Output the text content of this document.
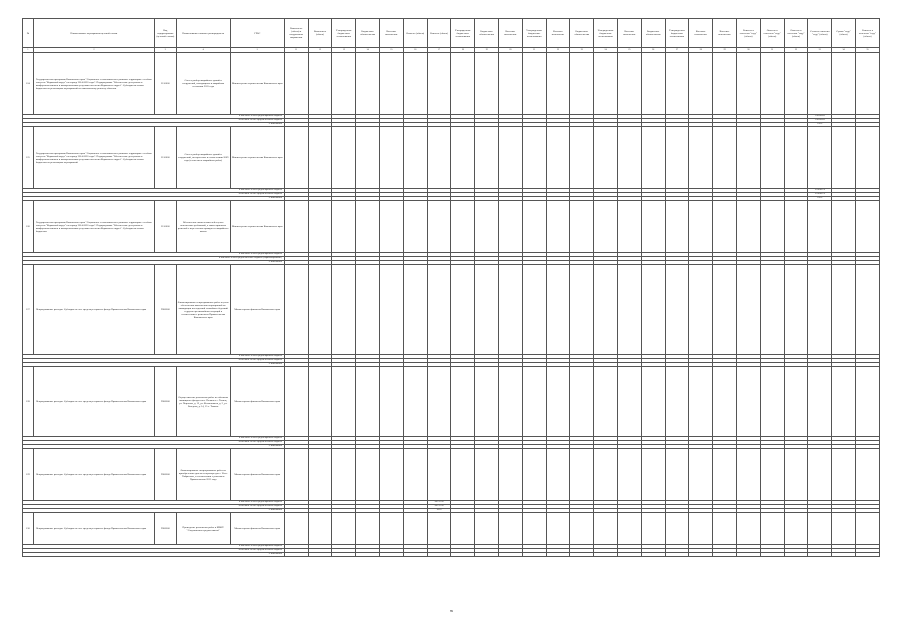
№	Наименование мероприятия целевой статьи	Код подпрограммы (целевой статьи)	Наименование главного распорядителя	ГРБС	Выполнено (объем) в натуральном выражении	Выполнено (объем)	Утвержденные бюджетные ассигнования	Бюджетные обязательства	Кассовое исполнение	Освоено (объем)	Освоено (объем)	Утвержденные бюджетные ассигнования	Бюджетные обязательства	Кассовое исполнение	Утвержденные бюджетные ассигнования	Кассовое исполнение	Бюджетные обязательства	Утвержденные бюджетные ассигнования	Кассовое исполнение	Бюджетные обязательства	Утвержденные бюджетные ассигнования	Кассовое исполнение	Кассовое исполнение	Освоено в отчетном "году" (объем)	Освоено в отчетном "году" (объем)	Освоено в отчетном "году" (объем)	Степень освоения "году" (объем)	Сумма "году" (объем)	Освоено в отчетном "году" (объем)
1	2	3	4	5	11	12	13	14	15	16	17	18	19	20	21	22	23	24	25	26	27	28	29	30	31	32	33	34	35
124	Государственная программа Камчатского края "Социальное и экономическое развитие территории с особым статусом "Корякский округ" на период 2014-2020 годы". Подпрограмма "Обеспечение доступным и комфортным жильем и коммунальными услугами населения Корякского округа". Субсидии местным бюджетам на реализацию мероприятий по капитальному ремонту объектов	2110000	Снос и разбор аварийных зданий и сооружений, находящихся в аварийном состоянии 2015 года	Министерство строительства Камчатского края																									
в том числе за счет средств краевого бюджета																											1742.66963		
в том числе за счет средств местного бюджета																											1742.66963		
% исполнения																											100.0		
125	Государственная программа Камчатского края "Социальное и экономическое развитие территории с особым статусом "Корякский округ" на период 2014-2020 годы". Подпрограмма "Обеспечение доступным и комфортным жильем и коммунальными услугами населения Корякского округа". Субсидии местным бюджетам на реализацию мероприятий	2110000	Снос и разбор аварийных зданий и сооружений, построенных в соответствии 2009 года (в том числе аварийных работ)	Министерство строительства Камчатского края																									
в том числе за счет средств краевого бюджета																											1516.86970		
в том числе за счет средств местного бюджета																											1516.86970		
% исполнения																											100.0		
126	Государственная программа Камчатского края "Социальное и экономическое развитие территории с особым статусом "Корякский округ" на период 2014-2020 годы". Подпрограмма "Обеспечение доступным и комфортным жильем и коммунальными услугами населения Корякского округа". Субсидии местным бюджетам	2110000	Обеспечение жильем жителей в целях исполнения требований, а также принятых решений о переселении граждан из аварийного жилья	Министерство строительства Камчатского края																									
в том числе за счет средств краевого бюджета																													
в том числе за счет средств местного бюджета (софинансирование)																													
% исполнения																													
127	Непрограммные расходы. Субсидии за счет средств резервного фонда Правительства Камчатского края	9900000	Финансирование непрограммных работ в целях обеспечения выполнения мероприятий по ликвидации последствий стихийных бедствий и других чрезвычайных ситуаций в соответствии с решением Правительства Камчатского края	Министерство финансов Камчатского края																									
в том числе за счет средств краевого бюджета																													
в том числе за счет средств местного бюджета																													
% исполнения																													
128	Непрограммные расходы. Субсидии за счет средств резервного фонда Правительства Камчатского края	9900000	Осуществление ремонтных работ по объектам жилищного фонда в пос. Палана и с. Тигиль, ул. Поротова, д. 13, ул. Космонавтов, д. 2, ул. Бекерева, д. 14, 15 с. Тымлат	Министерство финансов Камчатского края																									
в том числе за счет средств краевого бюджета																													
в том числе за счет средств местного бюджета																													
% исполнения																													
129	Непрограммные расходы. Субсидии за счет средств резервного фонда Правительства Камчатского края	9900000	Финансирование непрограммных работ по приобретению дизель-генератора для с. Усть-Хайрюзово, в соответствии с решением Правительства 2015 года	Министерство финансов Камчатского края																									
в том числе за счет средств краевого бюджета											342.35700																		
в том числе за счет средств местного бюджета											342.35700																		
% исполнения											100.0																		
130	Непрограммные расходы. Субсидии за счет средств резервного фонда Правительства Камчатского края	9900000	Проведение ремонтных работ в МБОУ "Слаутнинская средняя школа"	Министерство финансов Камчатского края																									
в том числе за счет средств краевого бюджета																													
в том числе за счет средств местного бюджета																													
% исполнения																													
89
